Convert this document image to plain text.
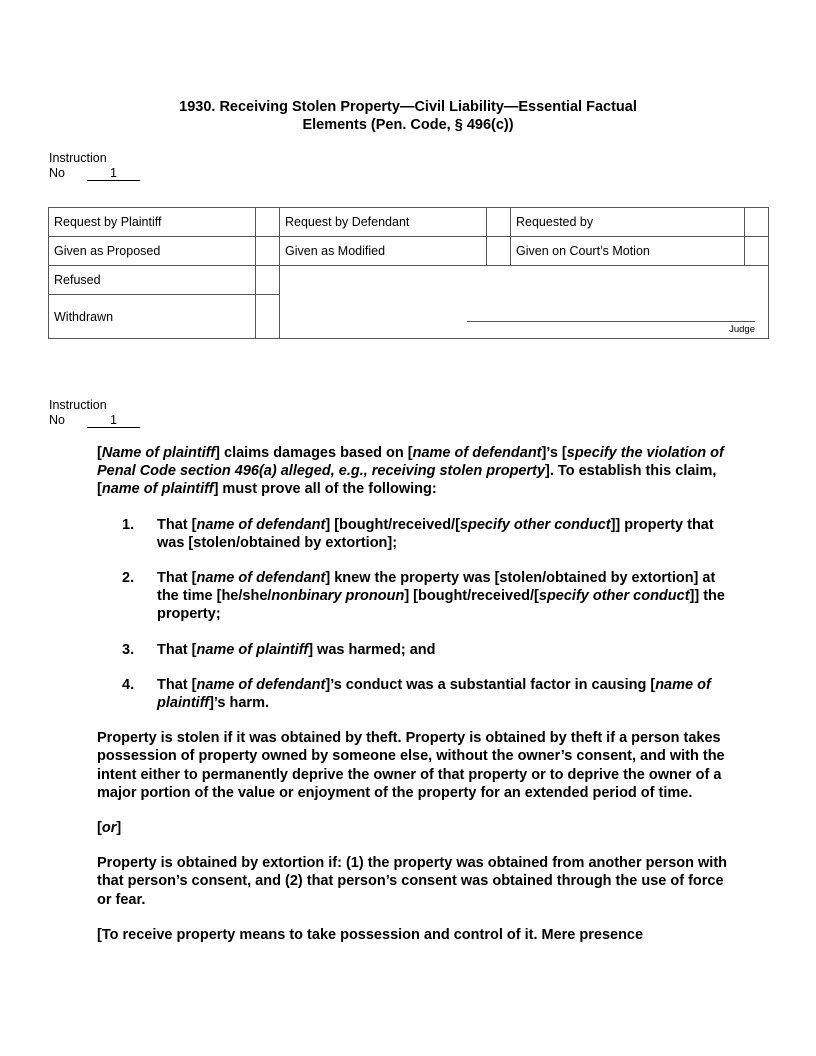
1930. Receiving Stolen Property—Civil Liability—Essential Factual
Elements (Pen. Code, § 496(c))
Instruction
No	1
Request by Plaintiff		Request by Defendant		Requested by	
Given as Proposed		Given as Modified		Given on Court’s Motion	
Refused		Judge			

Withdrawn					
Instruction
No	1

[Name of plaintiff] claims damages based on [name of defendant]’s [specify the violation of Penal Code section 496(a) alleged, e.g., receiving stolen property]. To establish this claim, [name of plaintiff] must prove all of the following:

1. That [name of defendant] [bought/received/[specify other conduct]] property that was [stolen/obtained by extortion];
2. That [name of defendant] knew the property was [stolen/obtained by extortion] at the time [he/she/nonbinary pronoun] [bought/received/[specify other conduct]] the property;
3. That [name of plaintiff] was harmed; and
4. That [name of defendant]’s conduct was a substantial factor in causing [name of plaintiff]’s harm.

Property is stolen if it was obtained by theft. Property is obtained by theft if a person takes possession of property owned by someone else, without the owner’s consent, and with the intent either to permanently deprive the owner of that property or to deprive the owner of a major portion of the value or enjoyment of the property for an extended period of time.

[or]

Property is obtained by extortion if: (1) the property was obtained from another person with that person’s consent, and (2) that person’s consent was obtained through the use of force or fear.

[To receive property means to take possession and control of it. Mere presence
